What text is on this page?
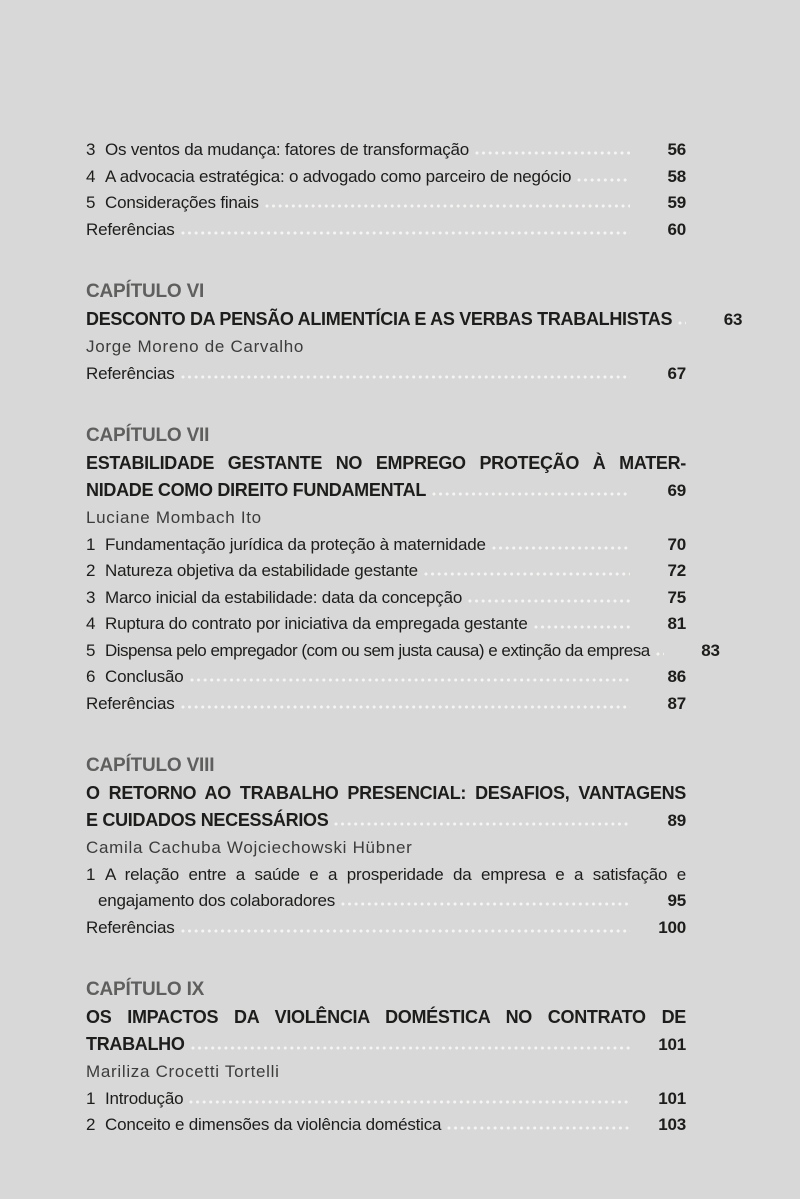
3 Os ventos da mudança: fatores de transformação	56
4 A advocacia estratégica: o advogado como parceiro de negócio	58
5 Considerações finais	59
Referências	60
CAPÍTULO VI
DESCONTO DA PENSÃO ALIMENTÍCIA E AS VERBAS TRABALHISTAS	63
Jorge Moreno de Carvalho
Referências	67
CAPÍTULO VII
ESTABILIDADE GESTANTE NO EMPREGO PROTEÇÃO À MATER-
NIDADE COMO DIREITO FUNDAMENTAL	69
Luciane Mombach Ito
1 Fundamentação jurídica da proteção à maternidade	70
2 Natureza objetiva da estabilidade gestante	72
3 Marco inicial da estabilidade: data da concepção	75
4 Ruptura do contrato por iniciativa da empregada gestante	81
5 Dispensa pelo empregador (com ou sem justa causa) e extinção da empresa	83
6 Conclusão	86
Referências	87
CAPÍTULO VIII
O RETORNO AO TRABALHO PRESENCIAL: DESAFIOS, VANTAGENS
E CUIDADOS NECESSÁRIOS	89
Camila Cachuba Wojciechowski Hübner
1 A relação entre a saúde e a prosperidade da empresa e a satisfação e
engajamento dos colaboradores	95
Referências	100
CAPÍTULO IX
OS IMPACTOS DA VIOLÊNCIA DOMÉSTICA NO CONTRATO DE
TRABALHO	101
Mariliza Crocetti Tortelli
1 Introdução	101
2 Conceito e dimensões da violência doméstica	103
